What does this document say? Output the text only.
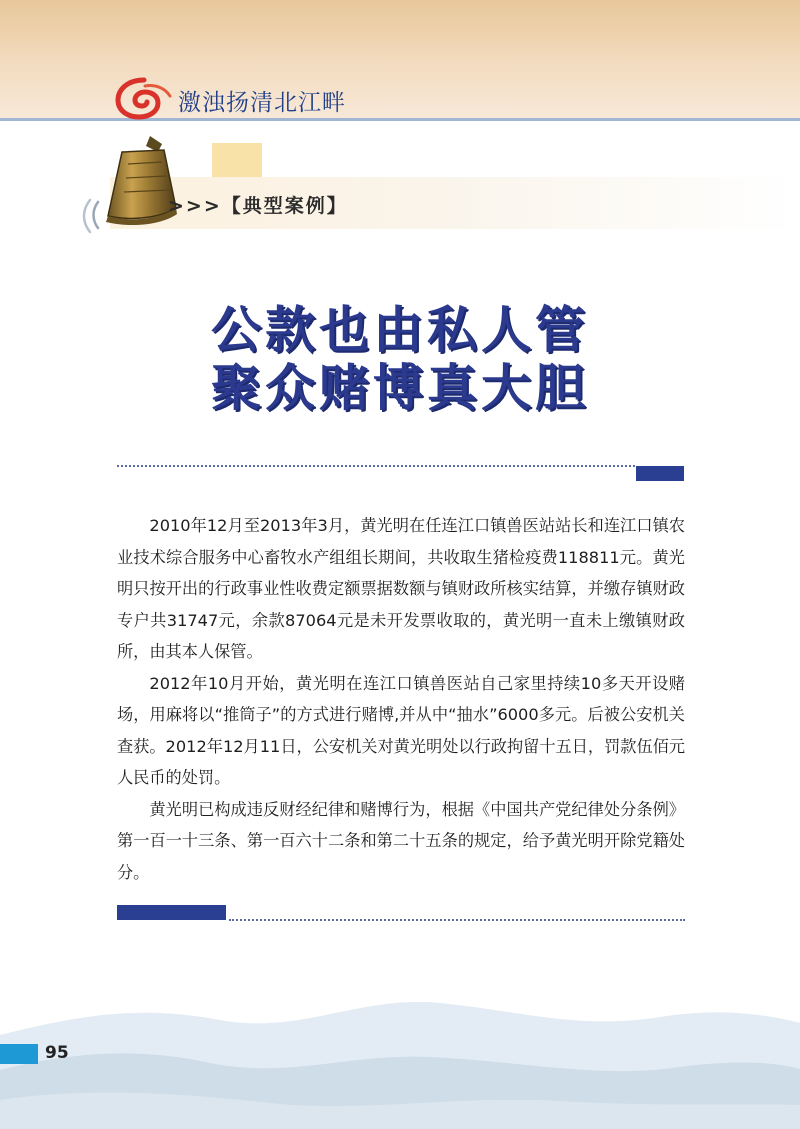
激浊扬清北江畔
>>>【典型案例】
公款也由私人管
聚众赌博真大胆

2010年12月至2013年3月，黄光明在任连江口镇兽医站站长和连江口镇农业技术综合服务中心畜牧水产组组长期间，共收取生猪检疫费118811元。黄光明只按开出的行政事业性收费定额票据数额与镇财政所核实结算，并缴存镇财政专户共31747元，余款87064元是未开发票收取的，黄光明一直未上缴镇财政所，由其本人保管。

2012年10月开始，黄光明在连江口镇兽医站自己家里持续10多天开设赌场，用麻将以“推筒子”的方式进行赌博,并从中“抽水”6000多元。后被公安机关查获。2012年12月11日，公安机关对黄光明处以行政拘留十五日，罚款伍佰元人民币的处罚。

黄光明已构成违反财经纪律和赌博行为，根据《中国共产党纪律处分条例》第一百一十三条、第一百六十二条和第二十五条的规定，给予黄光明开除党籍处分。

95
